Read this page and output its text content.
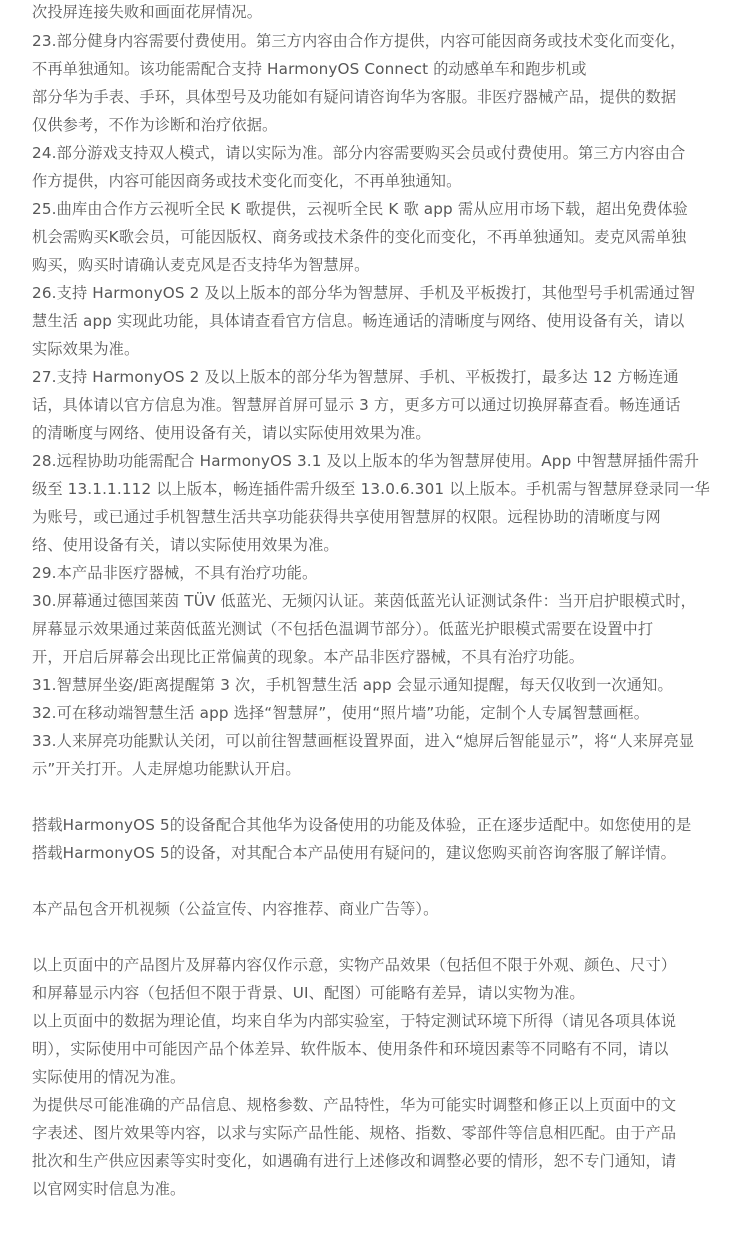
次投屏连接失败和画面花屏情况。
23.部分健身内容需要付费使用。第三方内容由合作方提供，内容可能因商务或技术变化而变化，
不再单独通知。该功能需配合支持 HarmonyOS Connect 的动感单车和跑步机或
部分华为手表、手环，具体型号及功能如有疑问请咨询华为客服。非医疗器械产品，提供的数据
仅供参考，不作为诊断和治疗依据。
24.部分游戏支持双人模式，请以实际为准。部分内容需要购买会员或付费使用。第三方内容由合
作方提供，内容可能因商务或技术变化而变化，不再单独通知。
25.曲库由合作方云视听全民 K 歌提供，云视听全民 K 歌 app 需从应用市场下载，超出免费体验
机会需购买K歌会员，可能因版权、商务或技术条件的变化而变化，不再单独通知。麦克风需单独
购买，购买时请确认麦克风是否支持华为智慧屏。
26.支持 HarmonyOS 2 及以上版本的部分华为智慧屏、手机及平板拨打，其他型号手机需通过智
慧生活 app 实现此功能，具体请查看官方信息。畅连通话的清晰度与网络、使用设备有关，请以
实际效果为准。
27.支持 HarmonyOS 2 及以上版本的部分华为智慧屏、手机、平板拨打，最多达 12 方畅连通
话，具体请以官方信息为准。智慧屏首屏可显示 3 方，更多方可以通过切换屏幕查看。畅连通话
的清晰度与网络、使用设备有关，请以实际使用效果为准。
28.远程协助功能需配合 HarmonyOS 3.1 及以上版本的华为智慧屏使用。App 中智慧屏插件需升
级至 13.1.1.112 以上版本，畅连插件需升级至 13.0.6.301 以上版本。手机需与智慧屏登录同一华
为账号，或已通过手机智慧生活共享功能获得共享使用智慧屏的权限。远程协助的清晰度与网
络、使用设备有关，请以实际使用效果为准。
29.本产品非医疗器械，不具有治疗功能。
30.屏幕通过德国莱茵 TÜV 低蓝光、无频闪认证。莱茵低蓝光认证测试条件：当开启护眼模式时，
屏幕显示效果通过莱茵低蓝光测试（不包括色温调节部分）。低蓝光护眼模式需要在设置中打
开，开启后屏幕会出现比正常偏黄的现象。本产品非医疗器械，不具有治疗功能。
31.智慧屏坐姿/距离提醒第 3 次，手机智慧生活 app 会显示通知提醒，每天仅收到一次通知。
32.可在移动端智慧生活 app 选择“智慧屏”，使用“照片墙”功能，定制个人专属智慧画框。
33.人来屏亮功能默认关闭，可以前往智慧画框设置界面，进入“熄屏后智能显示”，将“人来屏亮显
示”开关打开。人走屏熄功能默认开启。
搭载HarmonyOS 5的设备配合其他华为设备使用的功能及体验，正在逐步适配中。如您使用的是
搭载HarmonyOS 5的设备，对其配合本产品使用有疑问的，建议您购买前咨询客服了解详情。
本产品包含开机视频（公益宣传、内容推荐、商业广告等）。
以上页面中的产品图片及屏幕内容仅作示意，实物产品效果（包括但不限于外观、颜色、尺寸）
和屏幕显示内容（包括但不限于背景、UI、配图）可能略有差异，请以实物为准。
以上页面中的数据为理论值，均来自华为内部实验室，于特定测试环境下所得（请见各项具体说
明），实际使用中可能因产品个体差异、软件版本、使用条件和环境因素等不同略有不同，请以
实际使用的情况为准。
为提供尽可能准确的产品信息、规格参数、产品特性，华为可能实时调整和修正以上页面中的文
字表述、图片效果等内容，以求与实际产品性能、规格、指数、零部件等信息相匹配。由于产品
批次和生产供应因素等实时变化，如遇确有进行上述修改和调整必要的情形，恕不专门通知，请
以官网实时信息为准。
